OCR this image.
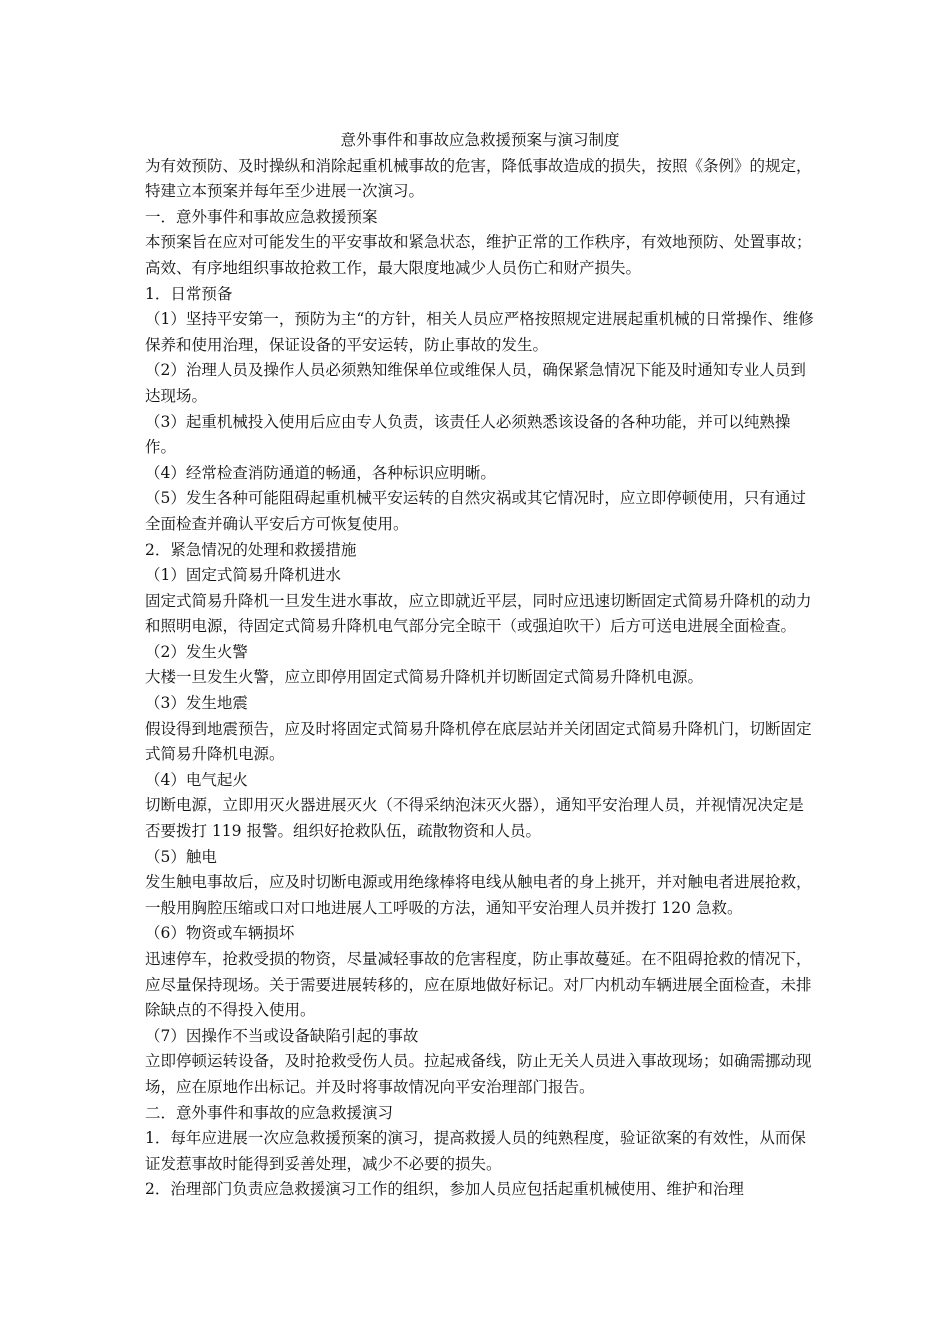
意外事件和事故应急救援预案与演习制度

为有效预防、及时操纵和消除起重机械事故的危害，降低事故造成的损失，按照《条例》的规定，特建立本预案并每年至少进展一次演习。

一．意外事件和事故应急救援预案

本预案旨在应对可能发生的平安事故和紧急状态，维护正常的工作秩序，有效地预防、处置事故；高效、有序地组织事故抢救工作，最大限度地减少人员伤亡和财产损失。

1．日常预备

（1）坚持平安第一，预防为主“的方针，相关人员应严格按照规定进展起重机械的日常操作、维修保养和使用治理，保证设备的平安运转，防止事故的发生。

（2）治理人员及操作人员必须熟知维保单位或维保人员，确保紧急情况下能及时通知专业人员到达现场。

（3）起重机械投入使用后应由专人负责，该责任人必须熟悉该设备的各种功能，并可以纯熟操作。

（4）经常检查消防通道的畅通，各种标识应明晰。

（5）发生各种可能阻碍起重机械平安运转的自然灾祸或其它情况时，应立即停顿使用，只有通过全面检查并确认平安后方可恢复使用。

2．紧急情况的处理和救援措施

（1）固定式简易升降机进水

固定式简易升降机一旦发生进水事故，应立即就近平层，同时应迅速切断固定式简易升降机的动力和照明电源，待固定式简易升降机电气部分完全晾干（或强迫吹干）后方可送电进展全面检查。

（2）发生火警

大楼一旦发生火警，应立即停用固定式简易升降机并切断固定式简易升降机电源。

（3）发生地震

假设得到地震预告，应及时将固定式简易升降机停在底层站并关闭固定式简易升降机门，切断固定式简易升降机电源。

（4）电气起火

切断电源，立即用灭火器进展灭火（不得采纳泡沫灭火器），通知平安治理人员，并视情况决定是否要拨打 119 报警。组织好抢救队伍，疏散物资和人员。

（5）触电

发生触电事故后，应及时切断电源或用绝缘棒将电线从触电者的身上挑开，并对触电者进展抢救，一般用胸腔压缩或口对口地进展人工呼吸的方法，通知平安治理人员并拨打 120 急救。

（6）物资或车辆损坏

迅速停车，抢救受损的物资，尽量减轻事故的危害程度，防止事故蔓延。在不阻碍抢救的情况下，应尽量保持现场。关于需要进展转移的，应在原地做好标记。对厂内机动车辆进展全面检查，未排除缺点的不得投入使用。

（7）因操作不当或设备缺陷引起的事故

立即停顿运转设备，及时抢救受伤人员。拉起戒备线，防止无关人员进入事故现场；如确需挪动现场，应在原地作出标记。并及时将事故情况向平安治理部门报告。

二．意外事件和事故的应急救援演习

1．每年应进展一次应急救援预案的演习，提高救援人员的纯熟程度，验证欲案的有效性，从而保证发惹事故时能得到妥善处理，减少不必要的损失。

2．治理部门负责应急救援演习工作的组织，参加人员应包括起重机械使用、维护和治理
